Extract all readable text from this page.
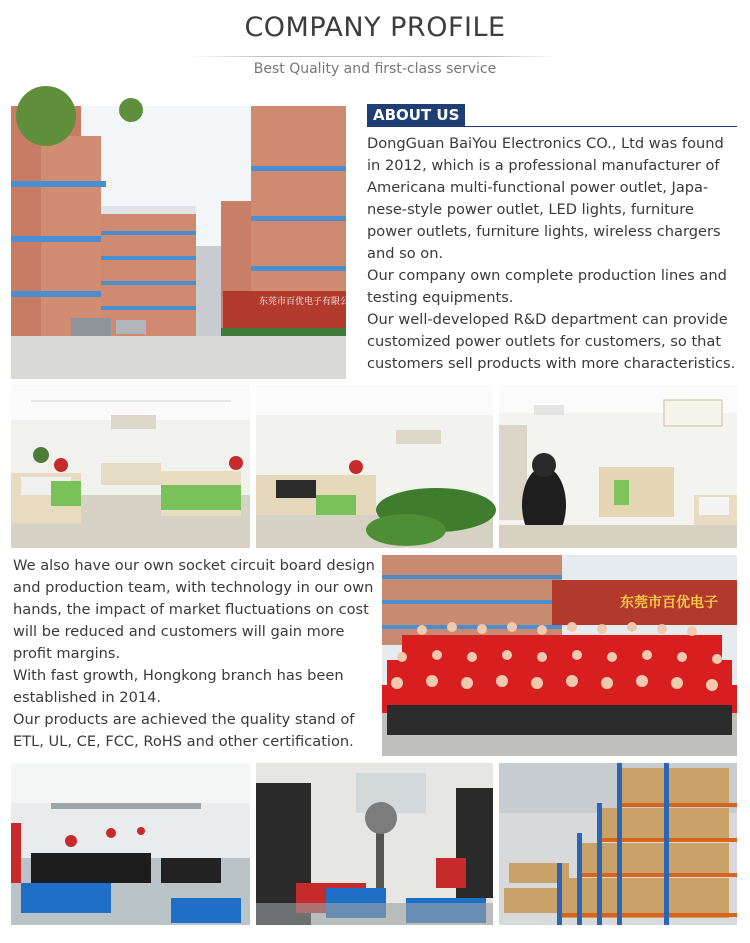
COMPANY PROFILE
Best Quality and first-class service
东莞市百优电子有限公司
ABOUT US

DongGuan BaiYou Electronics CO., Ltd was found in 2012, which is a professional manufacturer of Americana multi-functional power outlet, Japa-nese-style power outlet, LED lights, furniture power outlets, furniture lights, wireless chargers and so on.

Our company own complete production lines and testing equipments.

Our well-developed R&D department can provide customized power outlets for customers, so that customers sell products with more characteristics.

We also have our own socket circuit board design and production team, with technology in our own hands, the impact of market fluctuations on cost will be reduced and customers will gain more profit margins.

With fast growth, Hongkong branch has been established in 2014.

Our products are achieved the quality stand of ETL, UL, CE, FCC, RoHS and other certification.

东莞市百优电子
